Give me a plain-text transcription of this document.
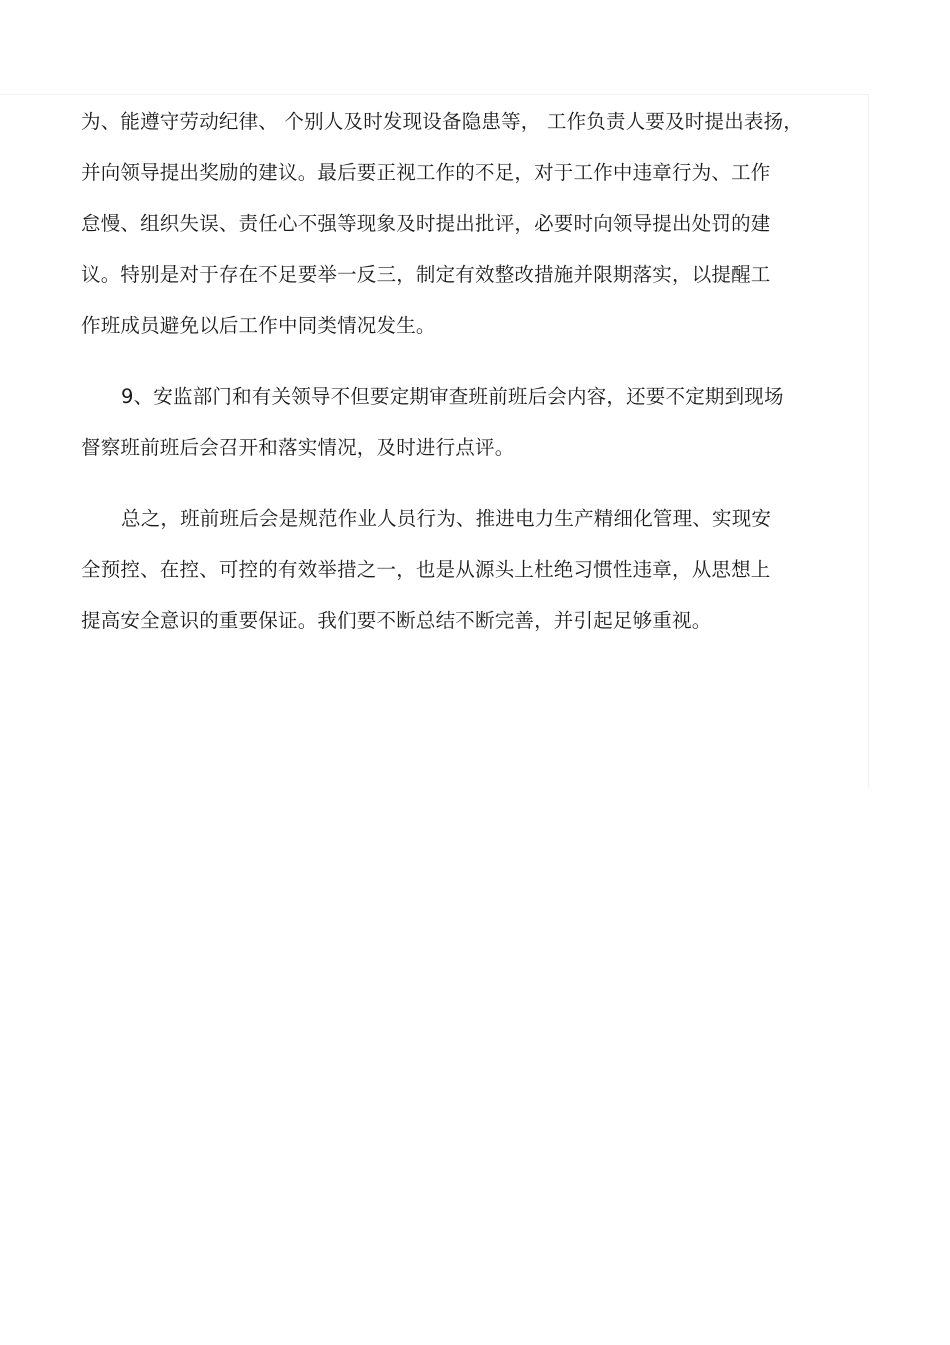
为、能遵守劳动纪律、 个别人及时发现设备隐患等， 工作负责人要及时提出表扬，
并向领导提出奖励的建议。最后要正视工作的不足，对于工作中违章行为、工作
怠慢、组织失误、责任心不强等现象及时提出批评，必要时向领导提出处罚的建
议。特别是对于存在不足要举一反三，制定有效整改措施并限期落实，以提醒工
作班成员避免以后工作中同类情况发生。
9、安监部门和有关领导不但要定期审查班前班后会内容，还要不定期到现场
督察班前班后会召开和落实情况，及时进行点评。
总之，班前班后会是规范作业人员行为、推进电力生产精细化管理、实现安
全预控、在控、可控的有效举措之一，也是从源头上杜绝习惯性违章，从思想上
提高安全意识的重要保证。我们要不断总结不断完善，并引起足够重视。
